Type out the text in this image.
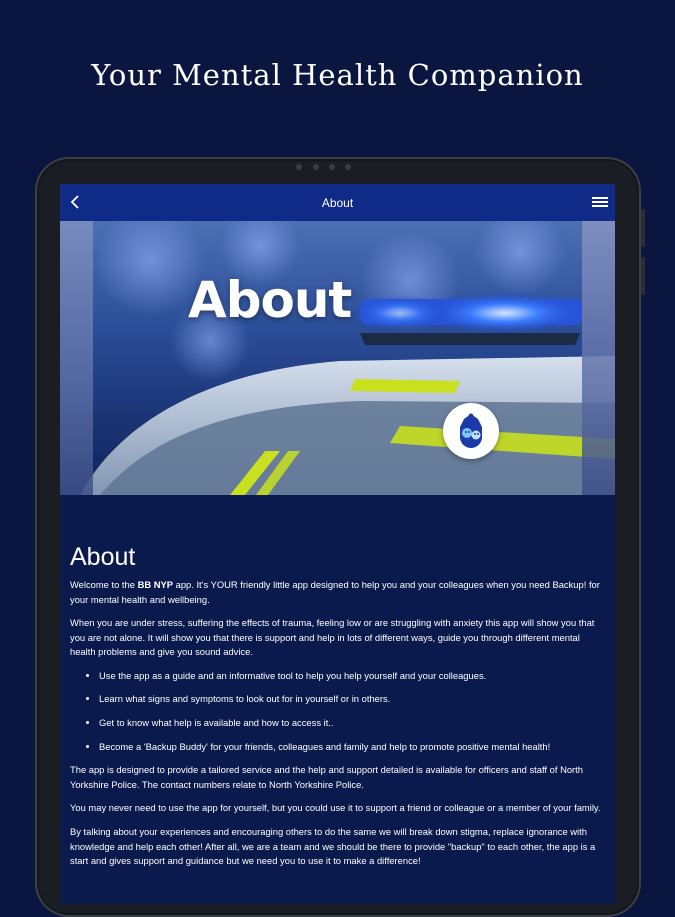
Your Mental Health Companion
About
About
About

Welcome to the BB NYP app. It's YOUR friendly little app designed to help you and your colleagues when you need Backup! for your mental health and wellbeing.

When you are under stress, suffering the effects of trauma, feeling low or are struggling with anxiety this app will show you that you are not alone. It will show you that there is support and help in lots of different ways, guide you through different mental health problems and give you sound advice.

• Use the app as a guide and an informative tool to help you help yourself and your colleagues.
• Learn what signs and symptoms to look out for in yourself or in others.
• Get to know what help is available and how to access it..
• Become a 'Backup Buddy' for your friends, colleagues and family and help to promote positive mental health!

The app is designed to provide a tailored service and the help and support detailed is available for officers and staff of North Yorkshire Police. The contact numbers relate to North Yorkshire Police.

You may never need to use the app for yourself, but you could use it to support a friend or colleague or a member of your family.

By talking about your experiences and encouraging others to do the same we will break down stigma, replace ignorance with knowledge and help each other! After all, we are a team and we should be there to provide "backup" to each other, the app is a start and gives support and guidance but we need you to use it to make a difference!
